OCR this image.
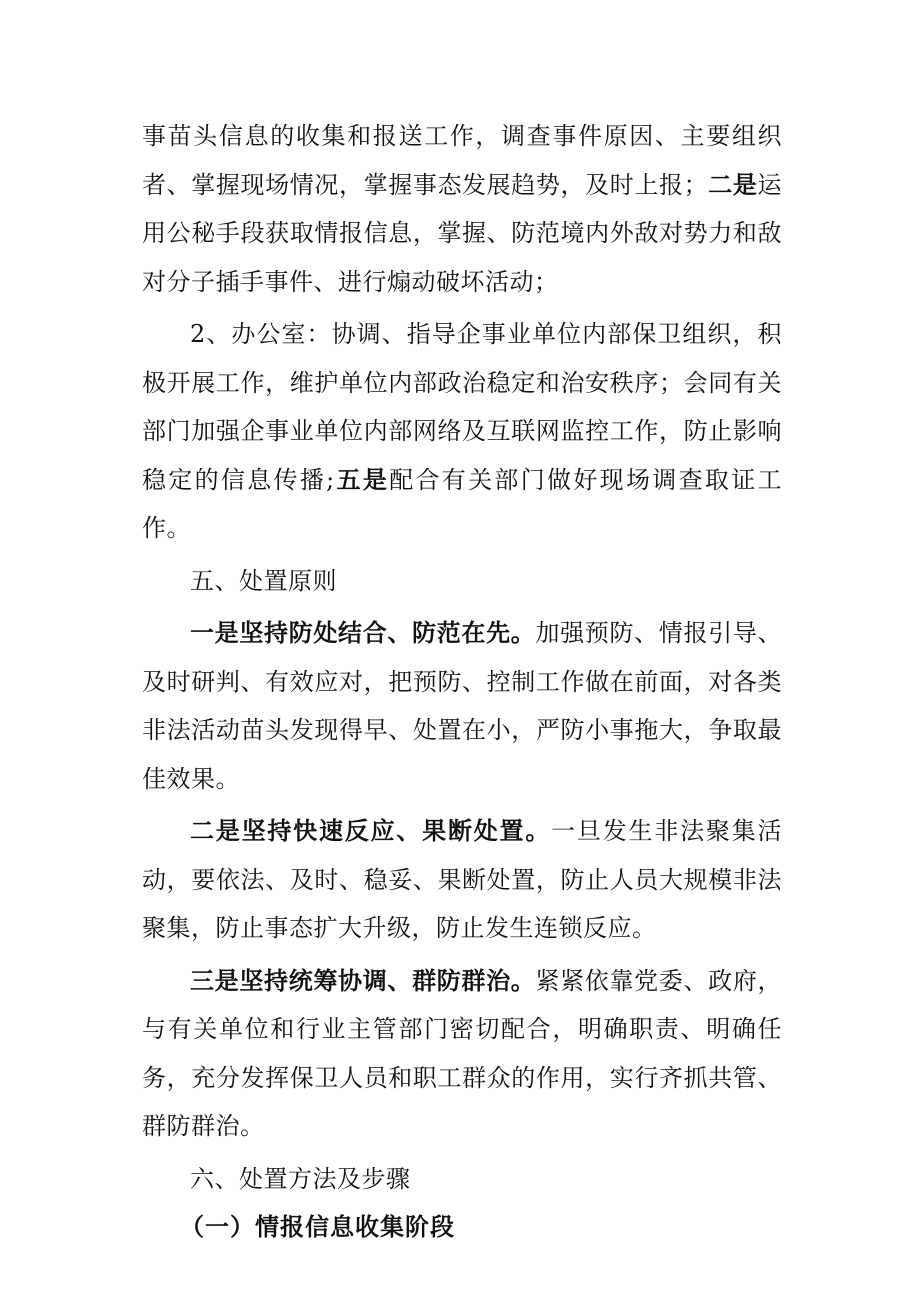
事苗头信息的收集和报送工作，调查事件原因、主要组织者、掌握现场情况，掌握事态发展趋势，及时上报；二是运用公秘手段获取情报信息，掌握、防范境内外敌对势力和敌对分子插手事件、进行煽动破坏活动；

2、办公室：协调、指导企事业单位内部保卫组织，积极开展工作，维护单位内部政治稳定和治安秩序；会同有关部门加强企事业单位内部网络及互联网监控工作，防止影响稳定的信息传播;五是配合有关部门做好现场调查取证工作。

五、处置原则

一是坚持防处结合、防范在先。加强预防、情报引导、及时研判、有效应对，把预防、控制工作做在前面，对各类非法活动苗头发现得早、处置在小，严防小事拖大，争取最佳效果。

二是坚持快速反应、果断处置。一旦发生非法聚集活动，要依法、及时、稳妥、果断处置，防止人员大规模非法聚集，防止事态扩大升级，防止发生连锁反应。

三是坚持统筹协调、群防群治。紧紧依靠党委、政府，与有关单位和行业主管部门密切配合，明确职责、明确任务，充分发挥保卫人员和职工群众的作用，实行齐抓共管、群防群治。

六、处置方法及步骤

（一）情报信息收集阶段
